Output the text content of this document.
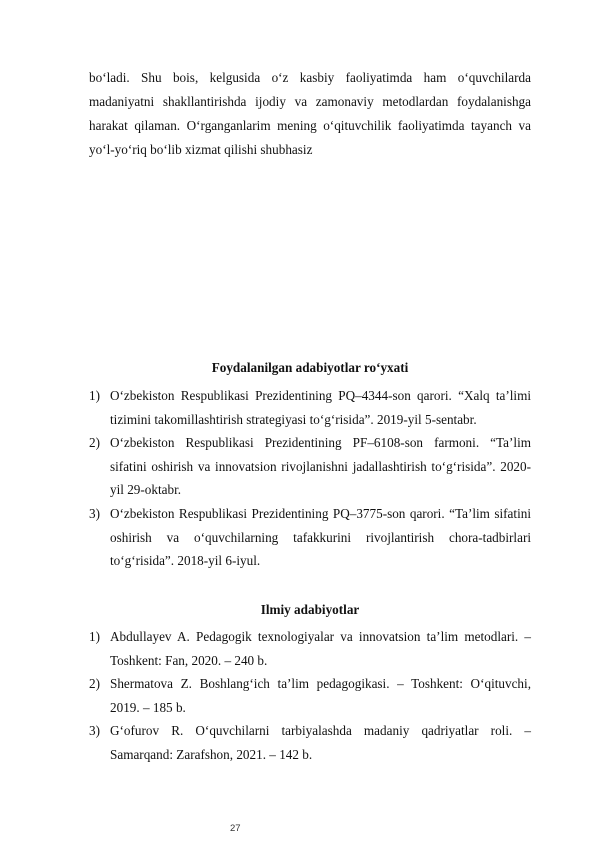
bo‘ladi. Shu bois, kelgusida o‘z kasbiy faoliyatimda ham o‘quvchilarda madaniyatni shakllantirishda ijodiy va zamonaviy metodlardan foydalanishga harakat qilaman. O‘rganganlarim mening o‘qituvchilik faoliyatimda tayanch va yo‘l-yo‘riq bo‘lib xizmat qilishi shubhasiz

Foydalanilgan adabiyotlar ro‘yxati

1) O‘zbekiston Respublikasi Prezidentining PQ–4344-son qarori. “Xalq ta’limi tizimini takomillashtirish strategiyasi to‘g‘risida”. 2019-yil 5-sentabr.
2) O‘zbekiston Respublikasi Prezidentining PF–6108-son farmoni. “Ta’lim sifatini oshirish va innovatsion rivojlanishni jadallashtirish to‘g‘risida”. 2020-yil 29-oktabr.
3) O‘zbekiston Respublikasi Prezidentining PQ–3775-son qarori. “Ta’lim sifatini oshirish va o‘quvchilarning tafakkurini rivojlantirish chora-tadbirlari to‘g‘risida”. 2018-yil 6-iyul.

Ilmiy adabiyotlar

1) Abdullayev A. Pedagogik texnologiyalar va innovatsion ta’lim metodlari. – Toshkent: Fan, 2020. – 240 b.
2) Shermatova Z. Boshlang‘ich ta’lim pedagogikasi. – Toshkent: O‘qituvchi, 2019. – 185 b.
3) G‘ofurov R. O‘quvchilarni tarbiyalashda madaniy qadriyatlar roli. – Samarqand: Zarafshon, 2021. – 142 b.
27
